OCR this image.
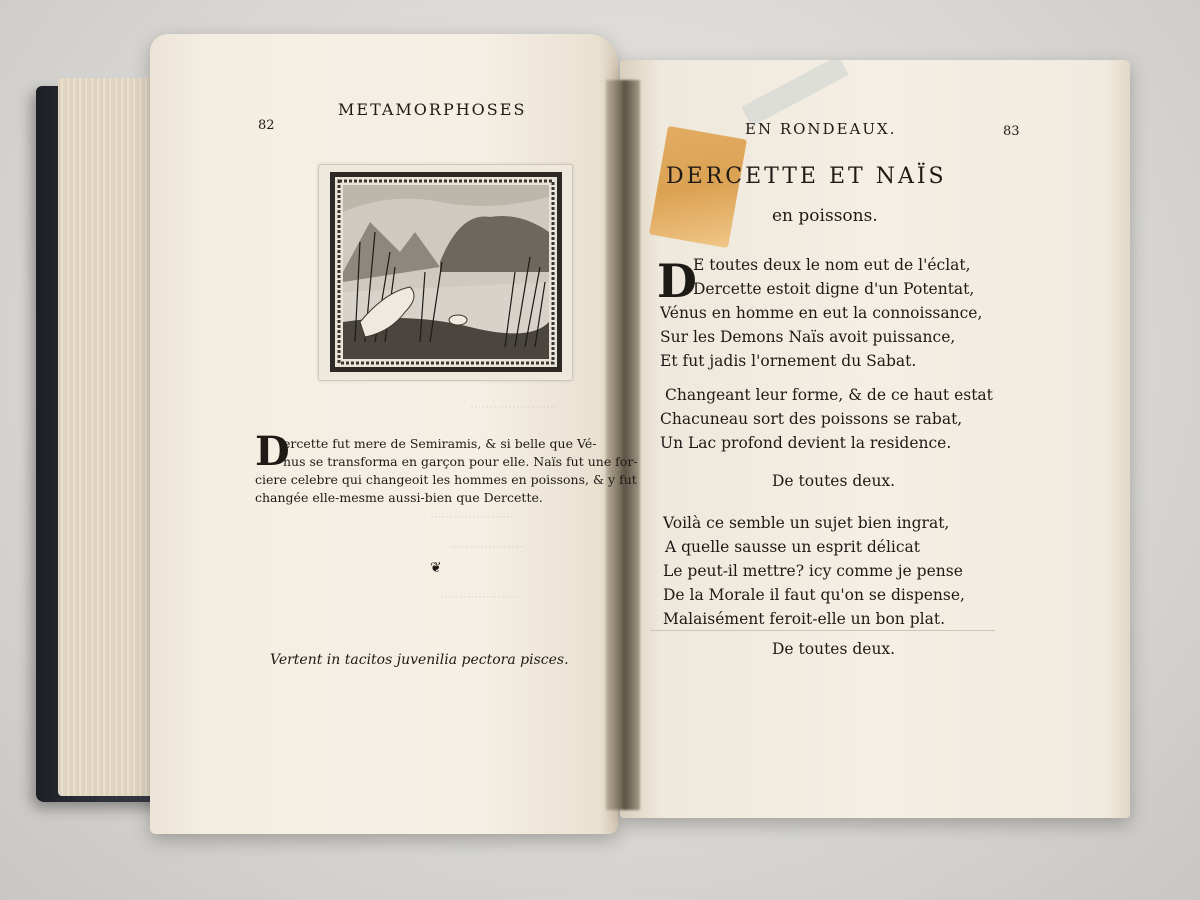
·······················
······················
···················
·····················
82
METAMORPHOSES
D
ercette fut mere de Semiramis, & si belle que Vé-
nus se transforma en garçon pour elle. Naïs fut une for-
ciere celebre qui changeoit les hommes en poissons, & y fut
changée elle-mesme aussi-bien que Dercette.
❦
Vertent in tacitos juvenilia pectora pisces.
EN RONDEAUX.	83
DERCETTE ET NAÏS
en poissons.
D
E toutes deux le nom eut de l'éclat,
Dercette estoit digne d'un Potentat,
Vénus en homme en eut la connoissance,
Sur les Demons Naïs avoit puissance,
Et fut jadis l'ornement du Sabat.
Changeant leur forme, & de ce haut estat
Chacuneau sort des poissons se rabat,
Un Lac profond devient la residence.
De toutes deux.
Voilà ce semble un sujet bien ingrat,
A quelle sausse un esprit délicat
Le peut-il mettre? icy comme je pense
De la Morale il faut qu'on se dispense,
Malaisément feroit-elle un bon plat.
De toutes deux.
